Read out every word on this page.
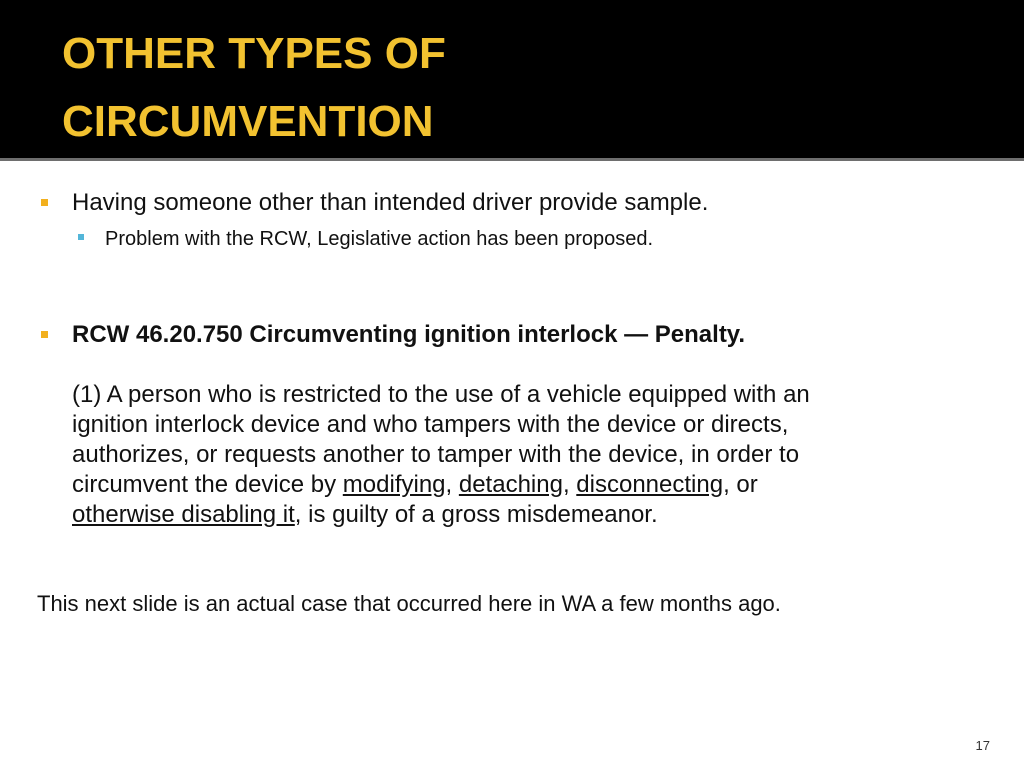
OTHER TYPES OF
CIRCUMVENTION
Having someone other than intended driver provide sample.
Problem with the RCW, Legislative action has been proposed.
RCW 46.20.750 Circumventing ignition interlock — Penalty.
(1) A person who is restricted to the use of a vehicle equipped with an
ignition interlock device and who tampers with the device or directs,
authorizes, or requests another to tamper with the device, in order to
circumvent the device by modifying, detaching, disconnecting, or
otherwise disabling it, is guilty of a gross misdemeanor.
This next slide is an actual case that occurred here in WA a few months ago.
17
